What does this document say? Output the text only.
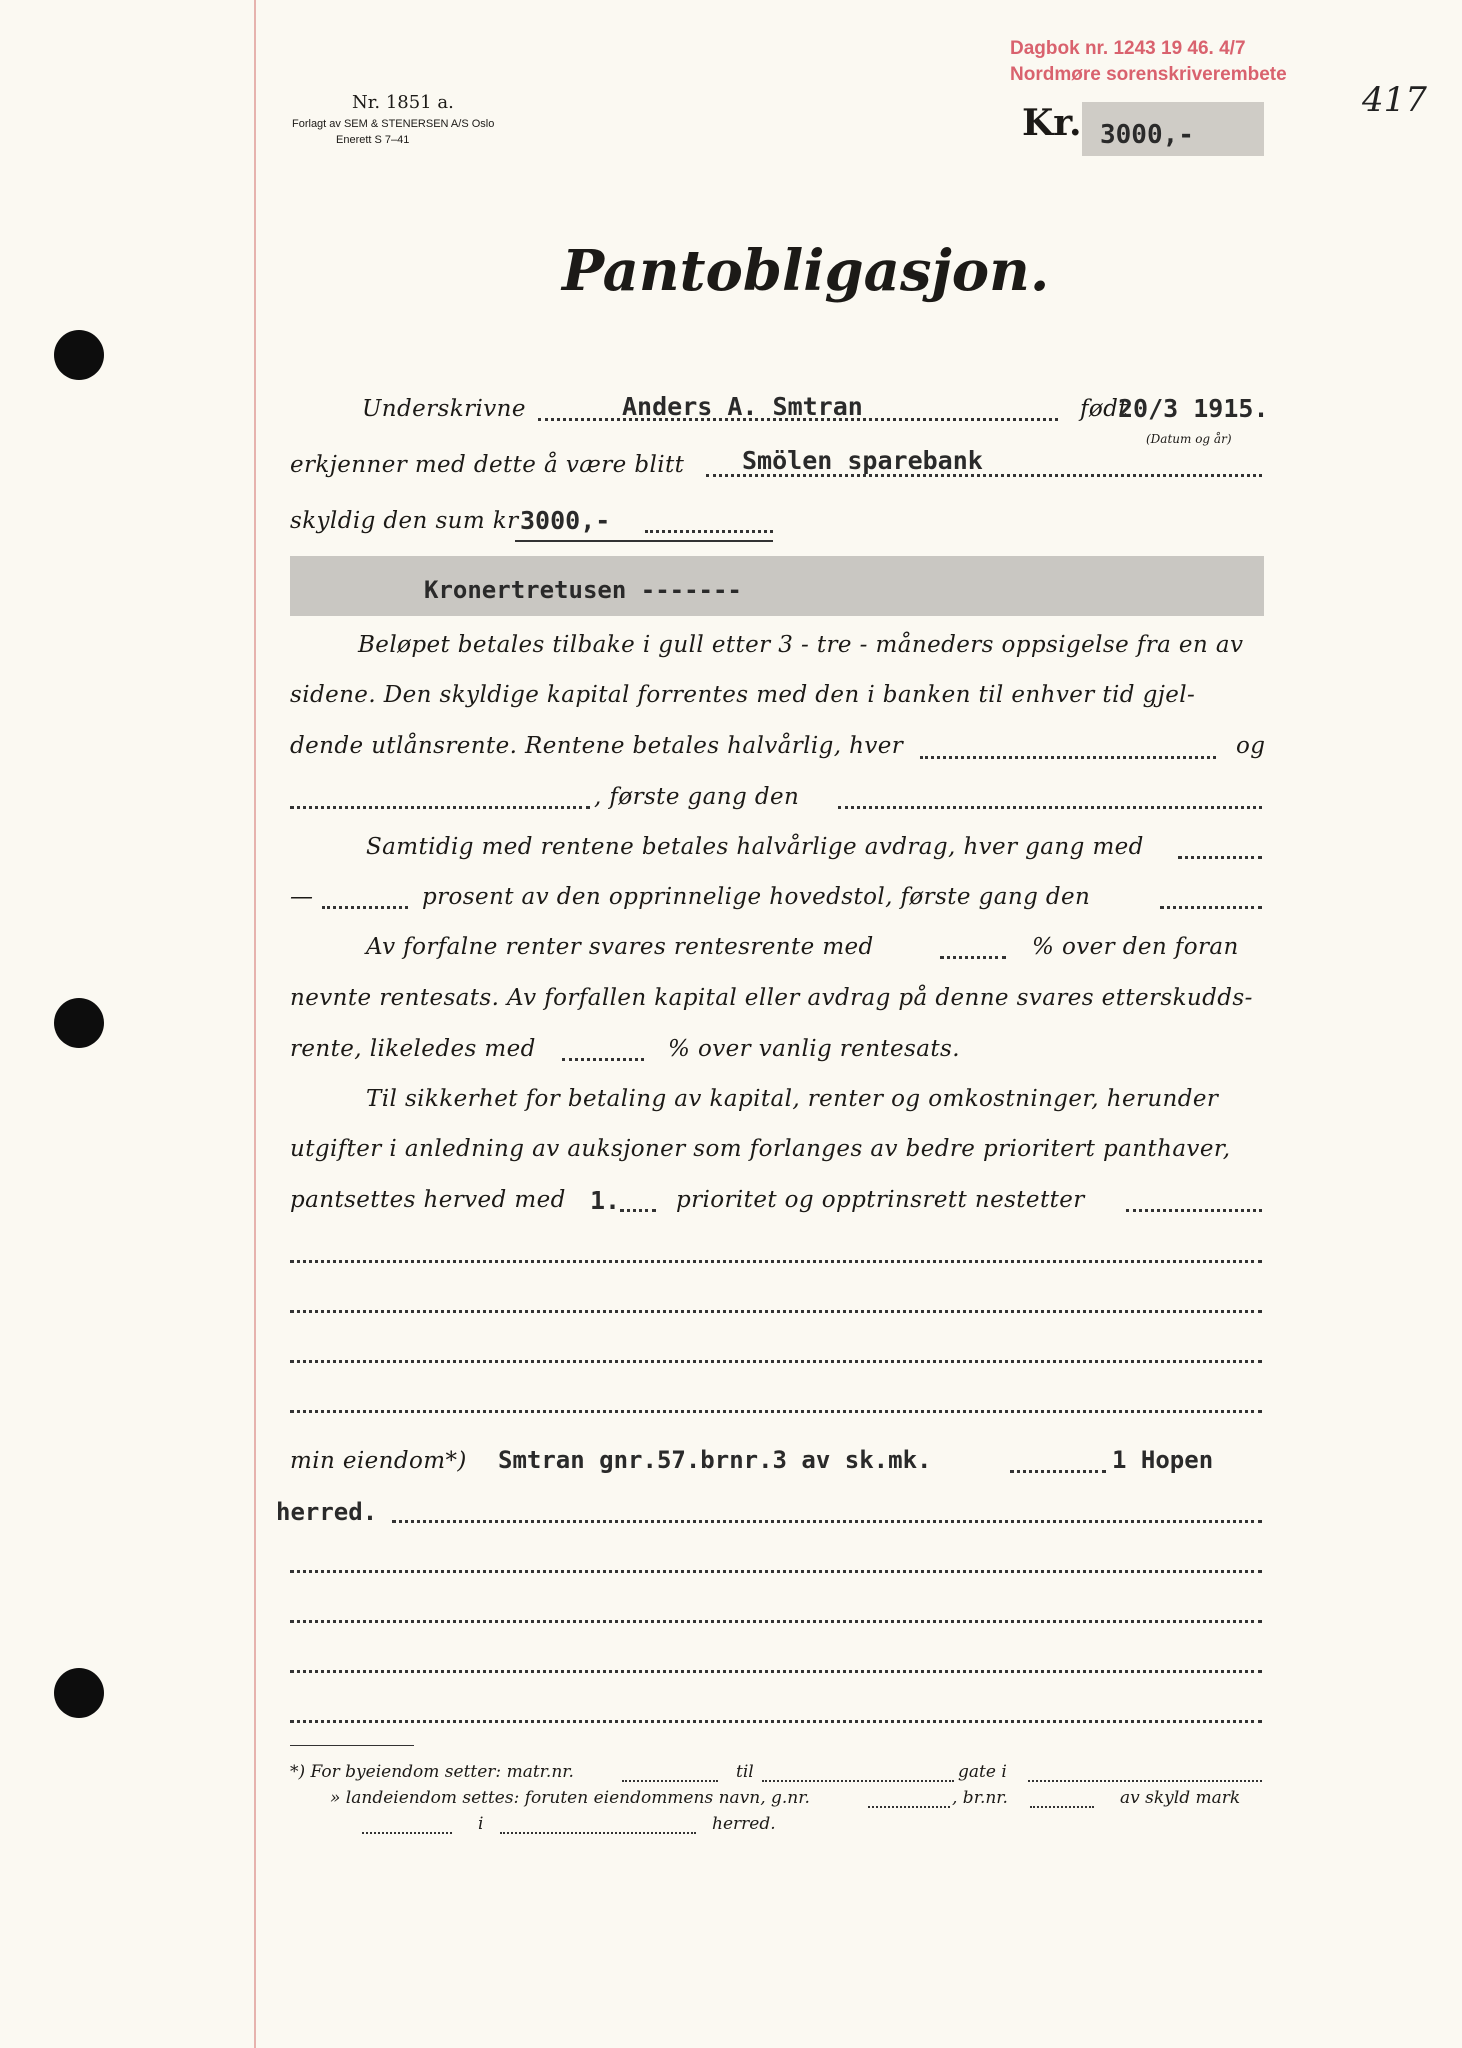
Nr. 1851 a.
Forlagt av SEM & STENERSEN A/S Oslo
Enerett S 7–41
Dagbok nr. 1243 19 46. 4/7
Nordmøre sorenskriverembete
417
Kr. 3000,-
Pantobligasjon.
Underskrivne	Anders A. Smtran	født
20/3 1915.
(Datum og år)
erkjenner med dette å være blitt Smölen sparebank
skyldig den sum kr 3000,-
Kronertretusen -------
Beløpet betales tilbake i gull etter 3 - tre - måneders oppsigelse fra en av
sidene. Den skyldige kapital forrentes med den i banken til enhver tid gjel-
dende utlånsrente. Rentene betales halvårlig, hver	og
, første gang den
Samtidig med rentene betales halvårlige avdrag, hver gang med
—	prosent av den opprinnelige hovedstol, første gang den
Av forfalne renter svares rentesrente med	% over den foran
nevnte rentesats. Av forfallen kapital eller avdrag på denne svares etterskudds-
rente, likeledes med	% over vanlig rentesats.
Til sikkerhet for betaling av kapital, renter og omkostninger, herunder
utgifter i anledning av auksjoner som forlanges av bedre prioritert panthaver,
pantsettes herved med 1. prioritet og opptrinsrett nestetter
min eiendom*) Smtran gnr.57.brnr.3 av sk.mk.	1 Hopen
herred.
*) For byeiendom setter: matr.nr.	til	gate i
» landeiendom settes: foruten eiendommens navn, g.nr.	, br.nr.	av skyld mark
i	herred.
